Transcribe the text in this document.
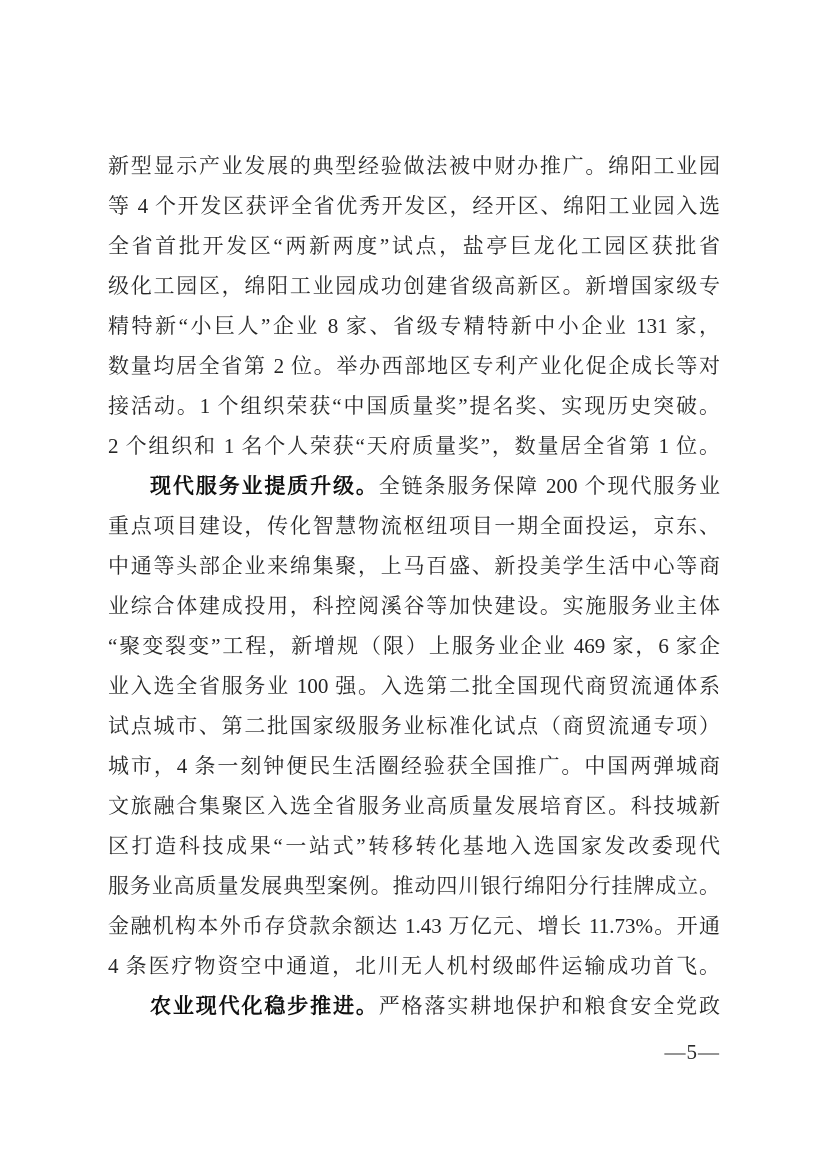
新型显示产业发展的典型经验做法被中财办推广。绵阳工业园

等 4 个开发区获评全省优秀开发区，经开区、绵阳工业园入选

全省首批开发区“两新两度”试点，盐亭巨龙化工园区获批省

级化工园区，绵阳工业园成功创建省级高新区。新增国家级专

精特新“小巨人”企业 8 家、省级专精特新中小企业 131 家，

数量均居全省第 2 位。举办西部地区专利产业化促企成长等对

接活动。1 个组织荣获“中国质量奖”提名奖、实现历史突破。

2 个组织和 1 名个人荣获“天府质量奖”，数量居全省第 1 位。

现代服务业提质升级。全链条服务保障 200 个现代服务业

重点项目建设，传化智慧物流枢纽项目一期全面投运，京东、

中通等头部企业来绵集聚，上马百盛、新投美学生活中心等商

业综合体建成投用，科控阅溪谷等加快建设。实施服务业主体

“聚变裂变”工程，新增规（限）上服务业企业 469 家，6 家企

业入选全省服务业 100 强。入选第二批全国现代商贸流通体系

试点城市、第二批国家级服务业标准化试点（商贸流通专项）

城市，4 条一刻钟便民生活圈经验获全国推广。中国两弹城商

文旅融合集聚区入选全省服务业高质量发展培育区。科技城新

区打造科技成果“一站式”转移转化基地入选国家发改委现代

服务业高质量发展典型案例。推动四川银行绵阳分行挂牌成立。

金融机构本外币存贷款余额达 1.43 万亿元、增长 11.73%。开通

4 条医疗物资空中通道，北川无人机村级邮件运输成功首飞。

农业现代化稳步推进。严格落实耕地保护和粮食安全党政

—5—
